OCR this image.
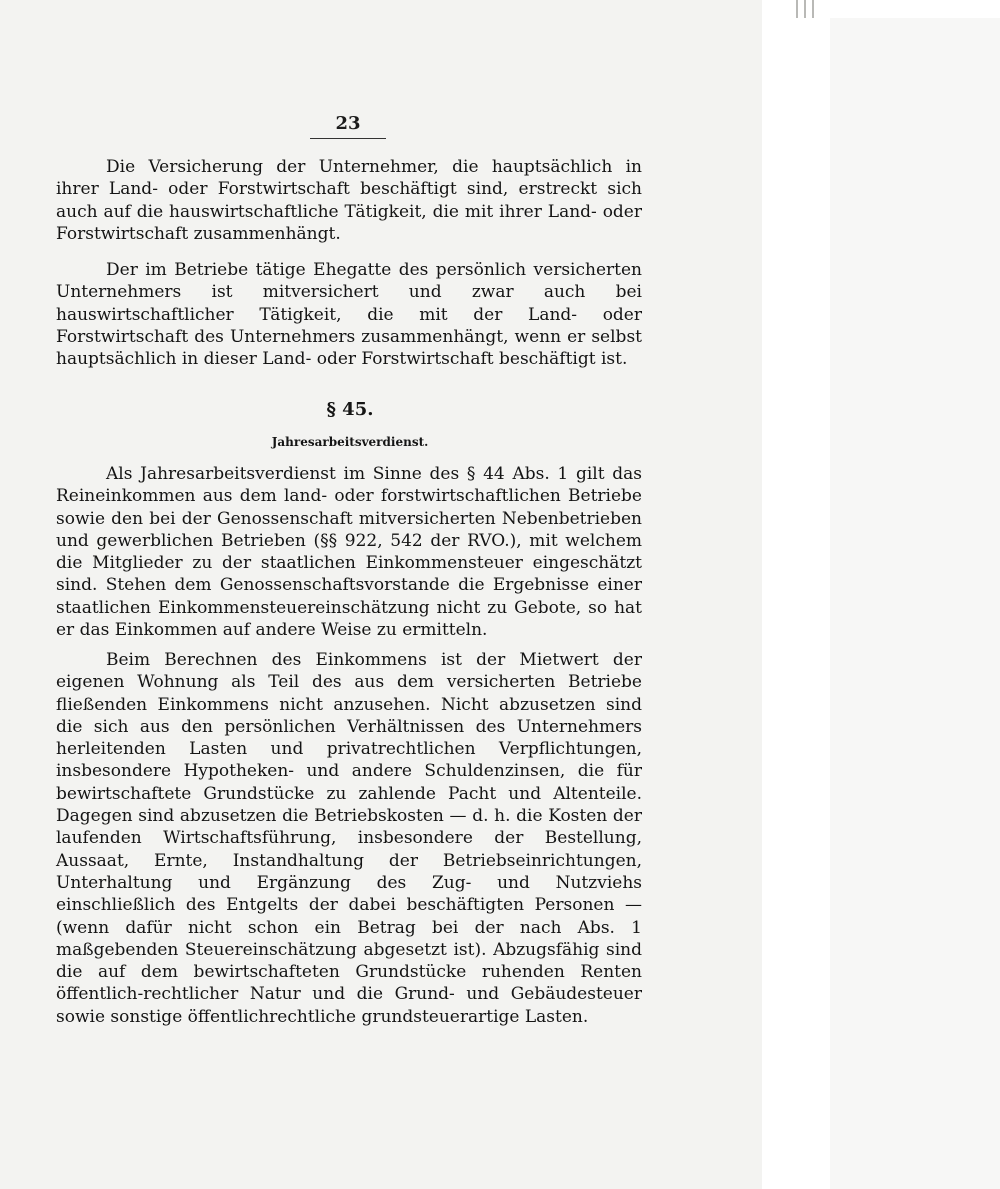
23

Die Versicherung der Unternehmer, die hauptsächlich in ihrer Land- oder Forstwirtschaft beschäftigt sind, erstreckt sich auch auf die hauswirtschaftliche Tätigkeit, die mit ihrer Land- oder Forstwirtschaft zusammenhängt.

Der im Betriebe tätige Ehegatte des persönlich versicherten Unternehmers ist mitversichert und zwar auch bei hauswirtschaftlicher Tätigkeit, die mit der Land- oder Forstwirtschaft des Unternehmers zusammenhängt, wenn er selbst hauptsächlich in dieser Land- oder Forstwirtschaft beschäftigt ist.

§ 45.
Jahresarbeitsverdienst.

Als Jahresarbeitsverdienst im Sinne des § 44 Abs. 1 gilt das Reineinkommen aus dem land- oder forstwirtschaftlichen Betriebe sowie den bei der Genossenschaft mitversicherten Nebenbetrieben und gewerblichen Betrieben (§§ 922, 542 der RVO.), mit welchem die Mitglieder zu der staatlichen Einkommensteuer eingeschätzt sind. Stehen dem Genossenschaftsvorstande die Ergebnisse einer staatlichen Einkommensteuereinschätzung nicht zu Gebote, so hat er das Einkommen auf andere Weise zu ermitteln.

Beim Berechnen des Einkommens ist der Mietwert der eigenen Wohnung als Teil des aus dem versicherten Betriebe fließenden Einkommens nicht anzusehen. Nicht abzusetzen sind die sich aus den persönlichen Verhältnissen des Unternehmers herleitenden Lasten und privatrechtlichen Verpflichtungen, insbesondere Hypotheken- und andere Schuldenzinsen, die für bewirtschaftete Grundstücke zu zahlende Pacht und Altenteile. Dagegen sind abzusetzen die Betriebskosten — d. h. die Kosten der laufenden Wirtschaftsführung, insbesondere der Bestellung, Aussaat, Ernte, Instandhaltung der Betriebseinrichtungen, Unterhaltung und Ergänzung des Zug- und Nutzviehs einschließlich des Entgelts der dabei beschäftigten Personen — (wenn dafür nicht schon ein Betrag bei der nach Abs. 1 maßgebenden Steuereinschätzung abgesetzt ist). Abzugsfähig sind die auf dem bewirtschafteten Grundstücke ruhenden Renten öffentlich-rechtlicher Natur und die Grund- und Gebäudesteuer sowie sonstige öffentlichrechtliche grundsteuerartige Lasten.
